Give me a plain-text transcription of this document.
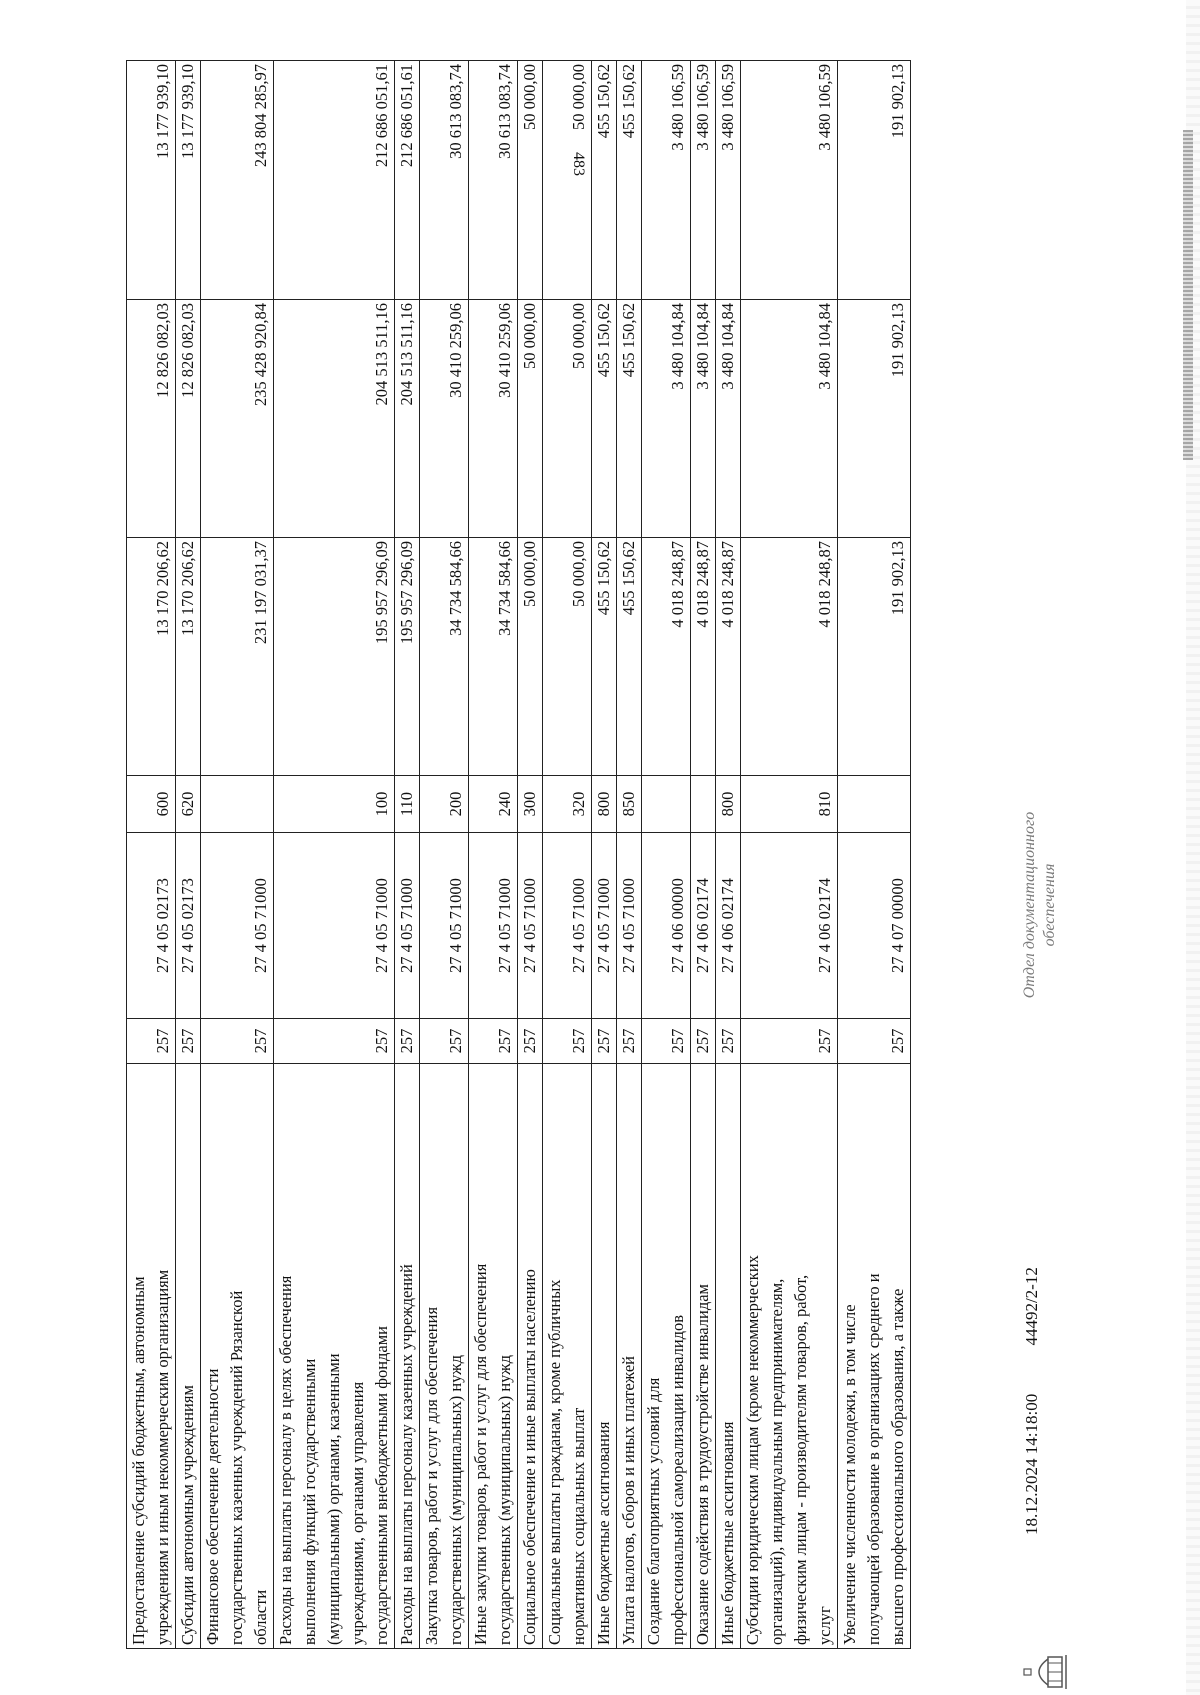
483
Предоставление субсидий бюджетным, автономным учреждениям и иным некоммерческим организациям	257	27 4 05 02173	600	13 170 206,62	12 826 082,03	13 177 939,10

Субсидии автономным учреждениям	257	27 4 05 02173	620	13 170 206,62	12 826 082,03	13 177 939,10

Финансовое обеспечение деятельности государственных казенных учреждений Рязанской области	257	27 4 05 71000		231 197 031,37	235 428 920,84	243 804 285,97

Расходы на выплаты персоналу в целях обеспечения выполнения функций государственными (муниципальными) органами, казенными учреждениями, органами управления государственными внебюджетными фондами	257	27 4 05 71000	100	195 957 296,09	204 513 511,16	212 686 051,61

Расходы на выплаты персоналу казенных учреждений	257	27 4 05 71000	110	195 957 296,09	204 513 511,16	212 686 051,61

Закупка товаров, работ и услуг для обеспечения государственных (муниципальных) нужд	257	27 4 05 71000	200	34 734 584,66	30 410 259,06	30 613 083,74

Иные закупки товаров, работ и услуг для обеспечения государственных (муниципальных) нужд	257	27 4 05 71000	240	34 734 584,66	30 410 259,06	30 613 083,74

Социальное обеспечение и иные выплаты населению	257	27 4 05 71000	300	50 000,00	50 000,00	50 000,00

Социальные выплаты гражданам, кроме публичных нормативных социальных выплат	257	27 4 05 71000	320	50 000,00	50 000,00	50 000,00

Иные бюджетные ассигнования	257	27 4 05 71000	800	455 150,62	455 150,62	455 150,62

Уплата налогов, сборов и иных платежей	257	27 4 05 71000	850	455 150,62	455 150,62	455 150,62

Создание благоприятных условий для профессиональной самореализации инвалидов	257	27 4 06 00000		4 018 248,87	3 480 104,84	3 480 106,59

Оказание содействия в трудоустройстве инвалидам	257	27 4 06 02174		4 018 248,87	3 480 104,84	3 480 106,59

Иные бюджетные ассигнования	257	27 4 06 02174	800	4 018 248,87	3 480 104,84	3 480 106,59

Субсидии юридическим лицам (кроме некоммерческих организаций), индивидуальным предпринимателям, физическим лицам - производителям товаров, работ, услуг	257	27 4 06 02174	810	4 018 248,87	3 480 104,84	3 480 106,59

Увеличение численности молодежи, в том числе получающей образование в организациях среднего и высшего профессионального образования, а также	257	27 4 07 00000		191 902,13	191 902,13	191 902,13
18.12.2024 14:18:00 44492/2-12
Отдел документационного обеспечения
